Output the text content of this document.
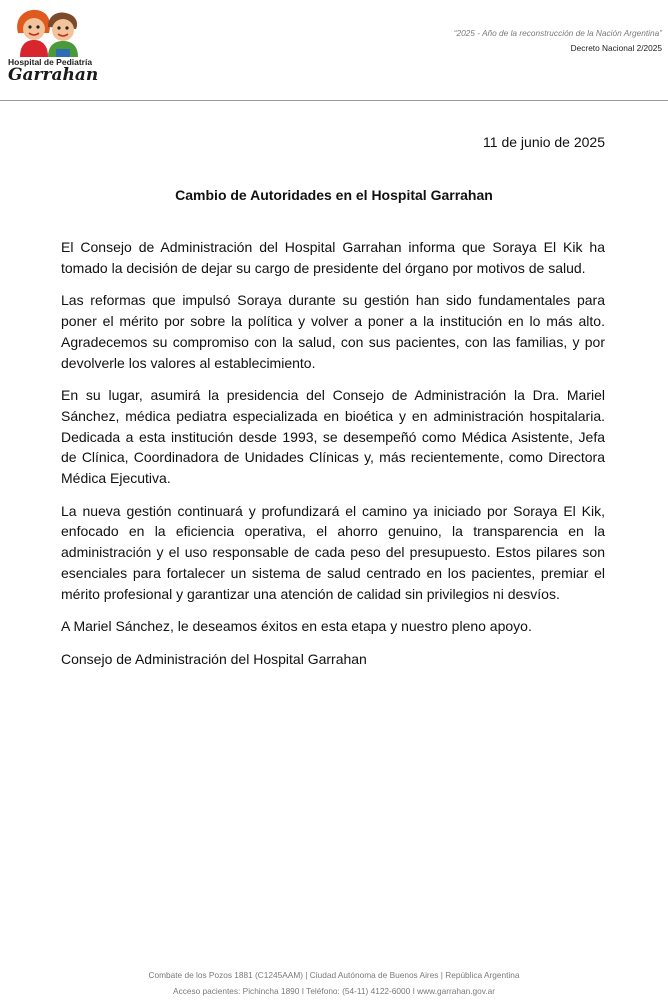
Hospital de Pediatría
Garrahan
“2025 - Año de la reconstrucción de la Nación Argentina”
Decreto Nacional 2/2025
11 de junio de 2025
Cambio de Autoridades en el Hospital Garrahan

El Consejo de Administración del Hospital Garrahan informa que Soraya El Kik ha tomado la decisión de dejar su cargo de presidente del órgano por motivos de salud.

Las reformas que impulsó Soraya durante su gestión han sido fundamentales para poner el mérito por sobre la política y volver a poner a la institución en lo más alto. Agradecemos su compromiso con la salud, con sus pacientes, con las familias, y por devolverle los valores al establecimiento.

En su lugar, asumirá la presidencia del Consejo de Administración la Dra. Mariel Sánchez, médica pediatra especializada en bioética y en administración hospitalaria. Dedicada a esta institución desde 1993, se desempeñó como Médica Asistente, Jefa de Clínica, Coordinadora de Unidades Clínicas y, más recientemente, como Directora Médica Ejecutiva.

La nueva gestión continuará y profundizará el camino ya iniciado por Soraya El Kik, enfocado en la eficiencia operativa, el ahorro genuino, la transparencia en la administración y el uso responsable de cada peso del presupuesto. Estos pilares son esenciales para fortalecer un sistema de salud centrado en los pacientes, premiar el mérito profesional y garantizar una atención de calidad sin privilegios ni desvíos.

A Mariel Sánchez, le deseamos éxitos en esta etapa y nuestro pleno apoyo.

Consejo de Administración del Hospital Garrahan

Combate de los Pozos 1881 (C1245AAM) | Ciudad Autónoma de Buenos Aires | República Argentina
Acceso pacientes: Pichincha 1890 I Teléfono: (54-11) 4122-6000 I www.garrahan.gov.ar
